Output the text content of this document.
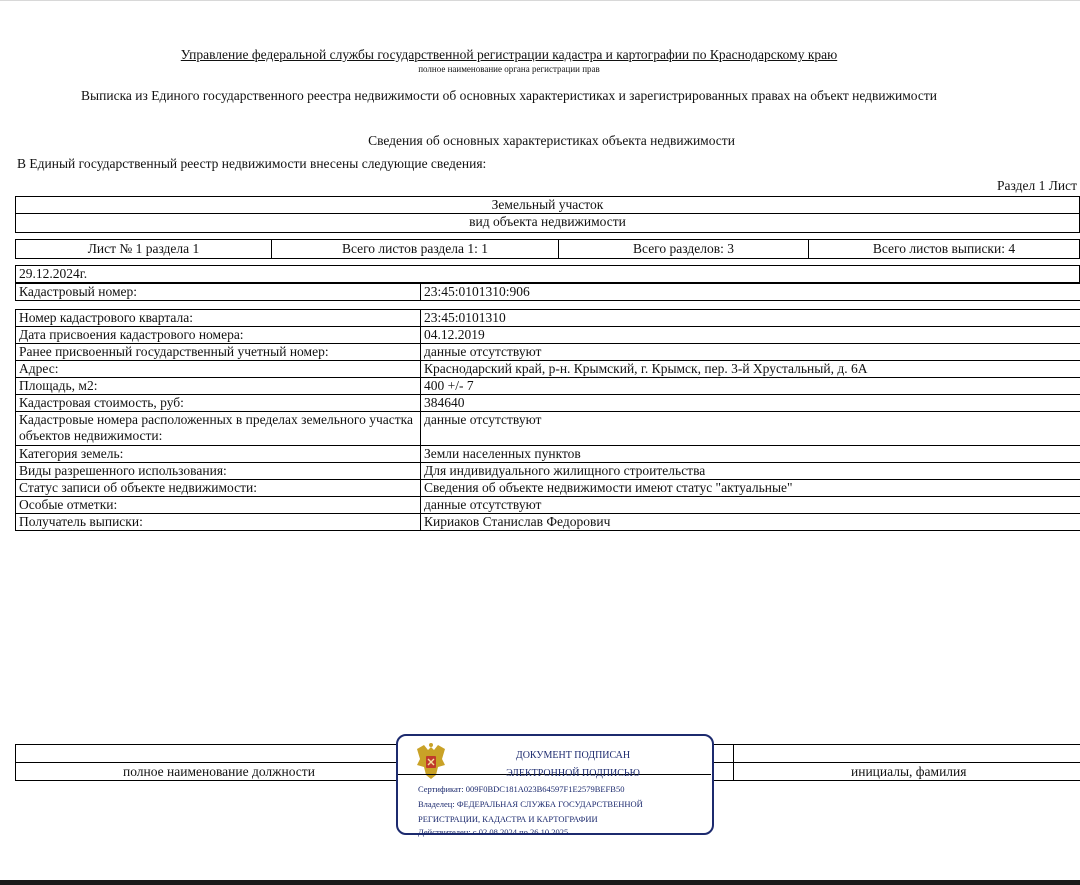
Управление федеральной службы государственной регистрации кадастра и картографии по Краснодарскому краю
полное наименование органа регистрации прав
Выписка из Единого государственного реестра недвижимости об основных характеристиках и зарегистрированных правах на объект недвижимости
Сведения об основных характеристиках объекта недвижимости
В Единый государственный реестр недвижимости внесены следующие сведения:
Раздел 1 Лист
Земельный участок
вид объекта недвижимости
Лист № 1 раздела 1	Всего листов раздела 1: 1	Всего разделов: 3	Всего листов выписки: 4
29.12.2024г.
Кадастровый номер:	23:45:0101310:906
Номер кадастрового квартала:	23:45:0101310
Дата присвоения кадастрового номера:	04.12.2019
Ранее присвоенный государственный учетный номер:	данные отсутствуют
Адрес:	Краснодарский край, р-н. Крымский, г. Крымск, пер. 3-й Хрустальный, д. 6А
Площадь, м2:	400 +/- 7
Кадастровая стоимость, руб:	384640
Кадастровые номера расположенных в пределах земельного участка объектов недвижимости:	данные отсутствуют
Категория земель:	Земли населенных пунктов
Виды разрешенного использования:	Для индивидуального жилищного строительства
Статус записи об объекте недвижимости:	Сведения об объекте недвижимости имеют статус "актуальные"
Особые отметки:	данные отсутствуют
Получатель выписки:	Кириаков Станислав Федорович
полное наименование должности	инициалы, фамилия
ДОКУМЕНТ ПОДПИСАН
ЭЛЕКТРОННОЙ ПОДПИСЬЮ
Сертификат: 009F0BDC181A023B64597F1E2579BEFB50
Владелец: ФЕДЕРАЛЬНАЯ СЛУЖБА ГОСУДАРСТВЕННОЙ
РЕГИСТРАЦИИ, КАДАСТРА И КАРТОГРАФИИ
Действителен: с 02.08.2024 по 26.10.2025
